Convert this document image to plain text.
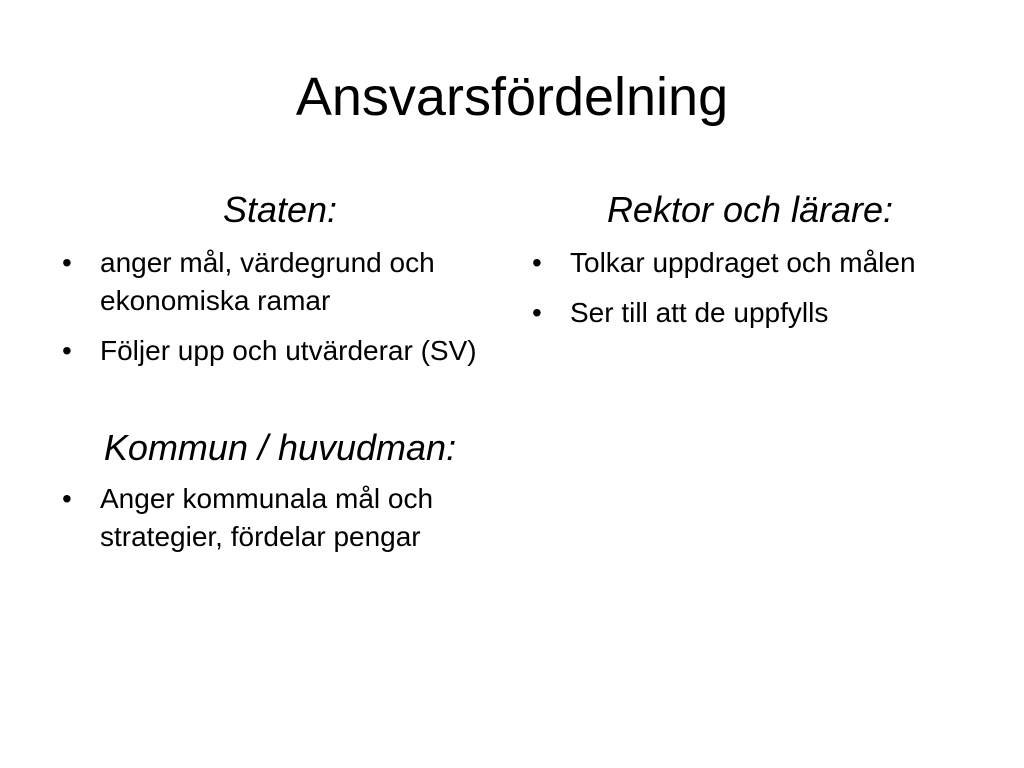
Ansvarsfördelning
Staten:
• anger mål, värdegrund och ekonomiska ramar
• Följer upp och utvärderar (SV)
Kommun / huvudman:
• Anger kommunala mål och strategier, fördelar pengar
Rektor och lärare:
• Tolkar uppdraget och målen
• Ser till att de uppfylls
